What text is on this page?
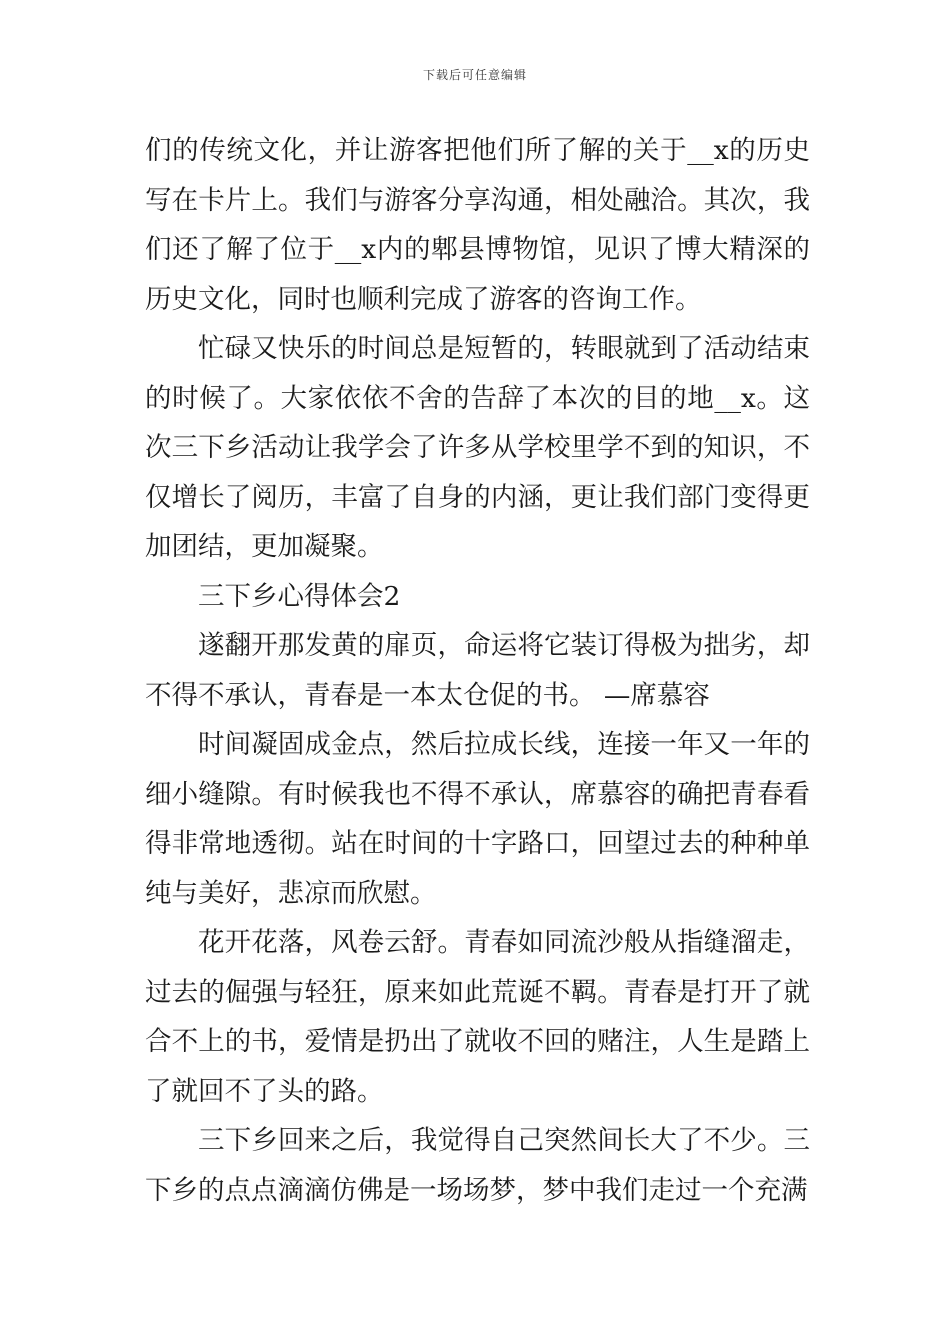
下载后可任意编辑

们的传统文化，并让游客把他们所了解的关于__x的历史写在卡片上。我们与游客分享沟通，相处融洽。其次，我们还了解了位于__x内的郫县博物馆，见识了博大精深的历史文化，同时也顺利完成了游客的咨询工作。

忙碌又快乐的时间总是短暂的，转眼就到了活动结束的时候了。大家依依不舍的告辞了本次的目的地__x。这次三下乡活动让我学会了许多从学校里学不到的知识，不仅增长了阅历，丰富了自身的内涵，更让我们部门变得更加团结，更加凝聚。

三下乡心得体会2

遂翻开那发黄的扉页，命运将它装订得极为拙劣，却不得不承认，青春是一本太仓促的书。 —席慕容

时间凝固成金点，然后拉成长线，连接一年又一年的细小缝隙。有时候我也不得不承认，席慕容的确把青春看得非常地透彻。站在时间的十字路口，回望过去的种种单纯与美好，悲凉而欣慰。

花开花落，风卷云舒。青春如同流沙般从指缝溜走，过去的倔强与轻狂，原来如此荒诞不羁。青春是打开了就合不上的书，爱情是扔出了就收不回的赌注，人生是踏上了就回不了头的路。

三下乡回来之后，我觉得自己突然间长大了不少。三下乡的点点滴滴仿佛是一场场梦，梦中我们走过一个充满
